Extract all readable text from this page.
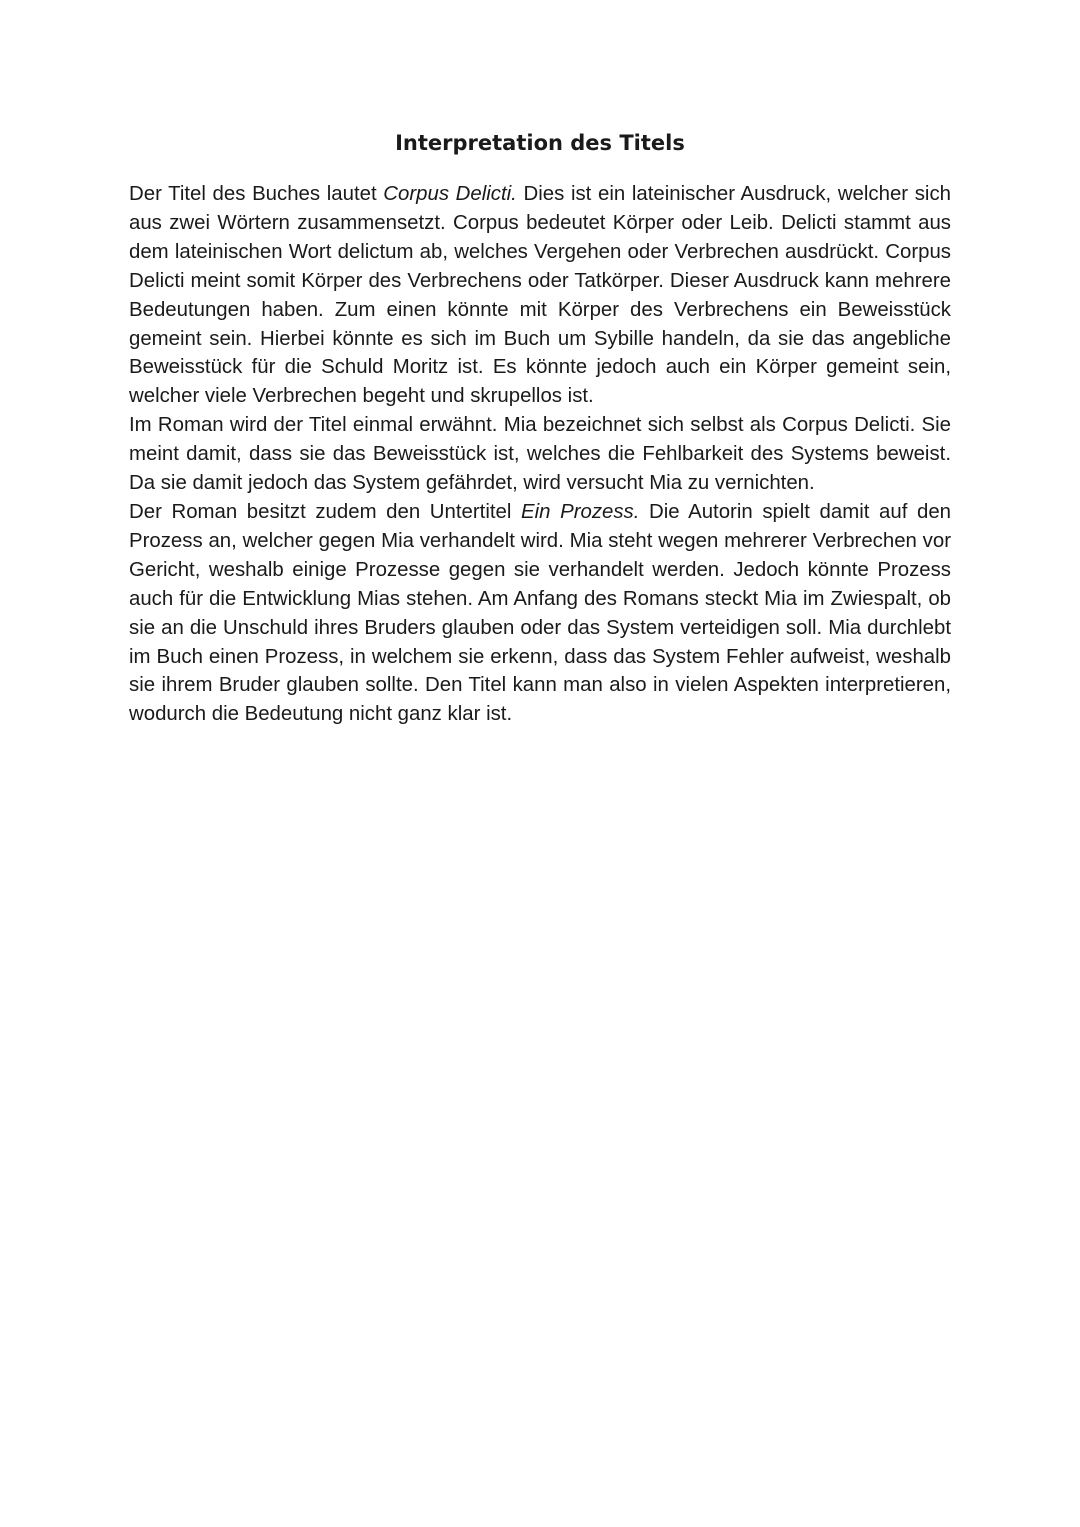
Interpretation des Titels

Der Titel des Buches lautet Corpus Delicti. Dies ist ein lateinischer Ausdruck, welcher sich aus zwei Wörtern zusammensetzt. Corpus bedeutet Körper oder Leib. Delicti stammt aus dem lateinischen Wort delictum ab, welches Vergehen oder Verbrechen ausdrückt. Corpus Delicti meint somit Körper des Verbrechens oder Tatkörper. Dieser Ausdruck kann mehrere Bedeutungen haben. Zum einen könnte mit Körper des Verbrechens ein Beweisstück gemeint sein. Hierbei könnte es sich im Buch um Sybille handeln, da sie das angebliche Beweisstück für die Schuld Moritz ist. Es könnte jedoch auch ein Körper gemeint sein, welcher viele Verbrechen begeht und skrupellos ist.

Im Roman wird der Titel einmal erwähnt. Mia bezeichnet sich selbst als Corpus Delicti. Sie meint damit, dass sie das Beweisstück ist, welches die Fehlbarkeit des Systems beweist. Da sie damit jedoch das System gefährdet, wird versucht Mia zu vernichten.

Der Roman besitzt zudem den Untertitel Ein Prozess. Die Autorin spielt damit auf den Prozess an, welcher gegen Mia verhandelt wird. Mia steht wegen mehrerer Verbrechen vor Gericht, weshalb einige Prozesse gegen sie verhandelt werden. Jedoch könnte Prozess auch für die Entwicklung Mias stehen. Am Anfang des Romans steckt Mia im Zwiespalt, ob sie an die Unschuld ihres Bruders glauben oder das System verteidigen soll. Mia durchlebt im Buch einen Prozess, in welchem sie erkenn, dass das System Fehler aufweist, weshalb sie ihrem Bruder glauben sollte. Den Titel kann man also in vielen Aspekten interpretieren, wodurch die Bedeutung nicht ganz klar ist.
